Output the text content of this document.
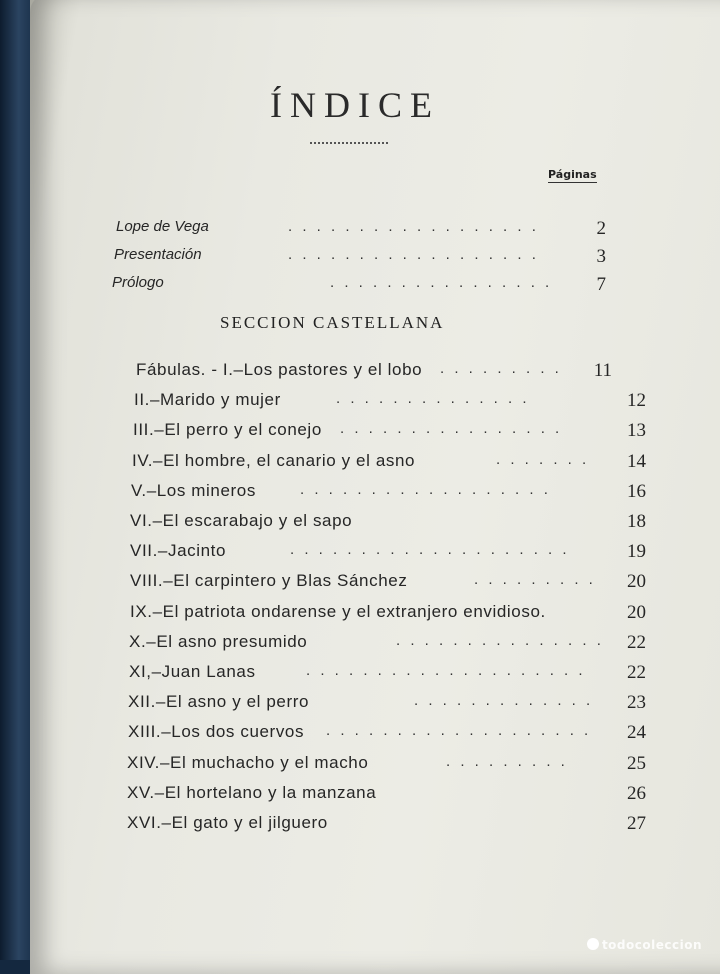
ÍNDICE
Páginas
Lope de Vega	. . . . . . . . . . . . . . . . . .	2
Presentación	. . . . . . . . . . . . . . . . . .	3
Prólogo	. . . . . . . . . . . . . . . .	7
SECCION CASTELLANA
Fábulas. - I.–Los pastores y el lobo . . . . . . . . .	11
II.–Marido y mujer	. . . . . . . . . . . . . .	12
III.–El perro y el conejo . . . . . . . . . . . . . . . .	13
IV.–El hombre, el canario y el asno	. . . . . . .	14
V.–Los mineros	. . . . . . . . . . . . . . . . . .	16
VI.–El escarabajo y el sapo	18
VII.–Jacinto	. . . . . . . . . . . . . . . . . . . .	19
VIII.–El carpintero y Blas Sánchez	. . . . . . . . .	20
IX.–El patriota ondarense y el extranjero envidioso.	20
X.–El asno presumido	. . . . . . . . . . . . . . .	22
XI,–Juan Lanas	. . . . . . . . . . . . . . . . . . . .	22
XII.–El asno y el perro	. . . . . . . . . . . . .	23
XIII.–Los dos cuervos . . . . . . . . . . . . . . . . . . .	24
XIV.–El muchacho y el macho	. . . . . . . . .	25
XV.–El hortelano y la manzana	26
XVI.–El gato y el jilguero	27
todocoleccion
